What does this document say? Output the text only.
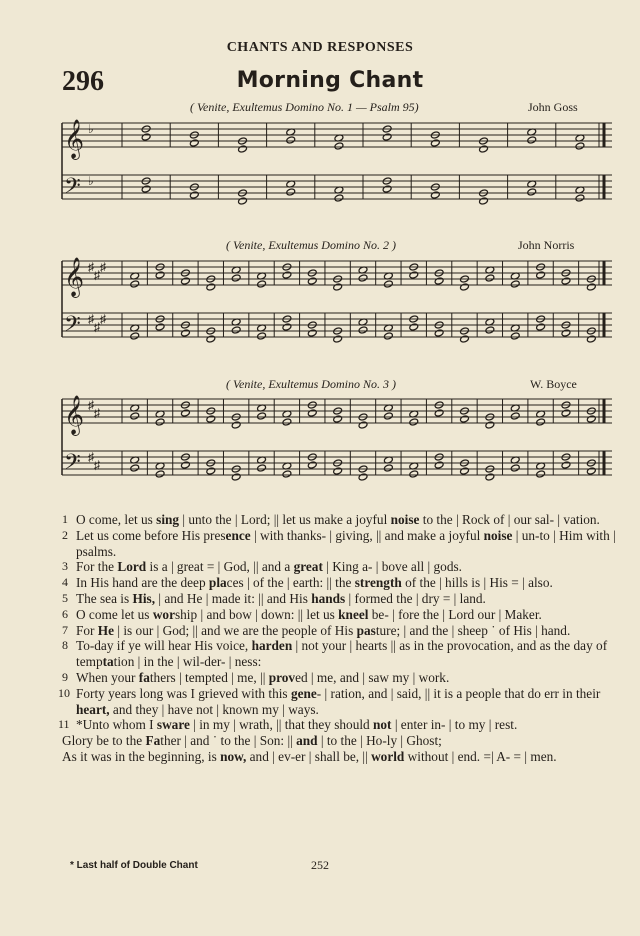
CHANTS AND RESPONSES
296	Morning Chant
( Venite, Exultemus Domino No. 1 — Psalm 95)	John Goss
𝄞 ♭
𝄢 ♭
( Venite, Exultemus Domino No. 2 )	John Norris
𝄞 ♯
♯
♯
𝄢 ♯
♯
♯
( Venite, Exultemus Domino No. 3 )	W. Boyce
𝄞 ♯
♯
𝄢 ♯
♯
1 O come, let us sing | unto the | Lord; || let us make a joyful noise to the | Rock of | our sal- | vation.
2 Let us come before His presence | with thanks- | giving, || and make a joyful noise | un-to | Him with | psalms.
3 For the Lord is a | great = | God, || and a great | King a- | bove all | gods.
4 In His hand are the deep places | of the | earth: || the strength of the | hills is | His = | also.
5 The sea is His, | and He | made it: || and His hands | formed the | dry = | land.
6 O come let us worship | and bow | down: || let us kneel be- | fore the | Lord our | Maker.
7 For He | is our | God; || and we are the people of His pasture; | and the | sheep ˙ of His | hand.
8 To-day if ye will hear His voice, harden | not your | hearts || as in the provocation, and as the day of temptation | in the | wil-der- | ness:
9 When your fathers | tempted | me, || proved | me, and | saw my | work.
10 Forty years long was I grieved with this gene- | ration, and | said, || it is a people that do err in their heart, and they | have not | known my | ways.
11 *Unto whom I sware | in my | wrath, || that they should not | enter in- | to my | rest.
Glory be to the Father | and ˙ to the | Son: || and | to the | Ho-ly | Ghost;
As it was in the beginning, is now, and | ev-er | shall be, || world without | end. =| A- = | men.
* Last half of Double Chant	252
